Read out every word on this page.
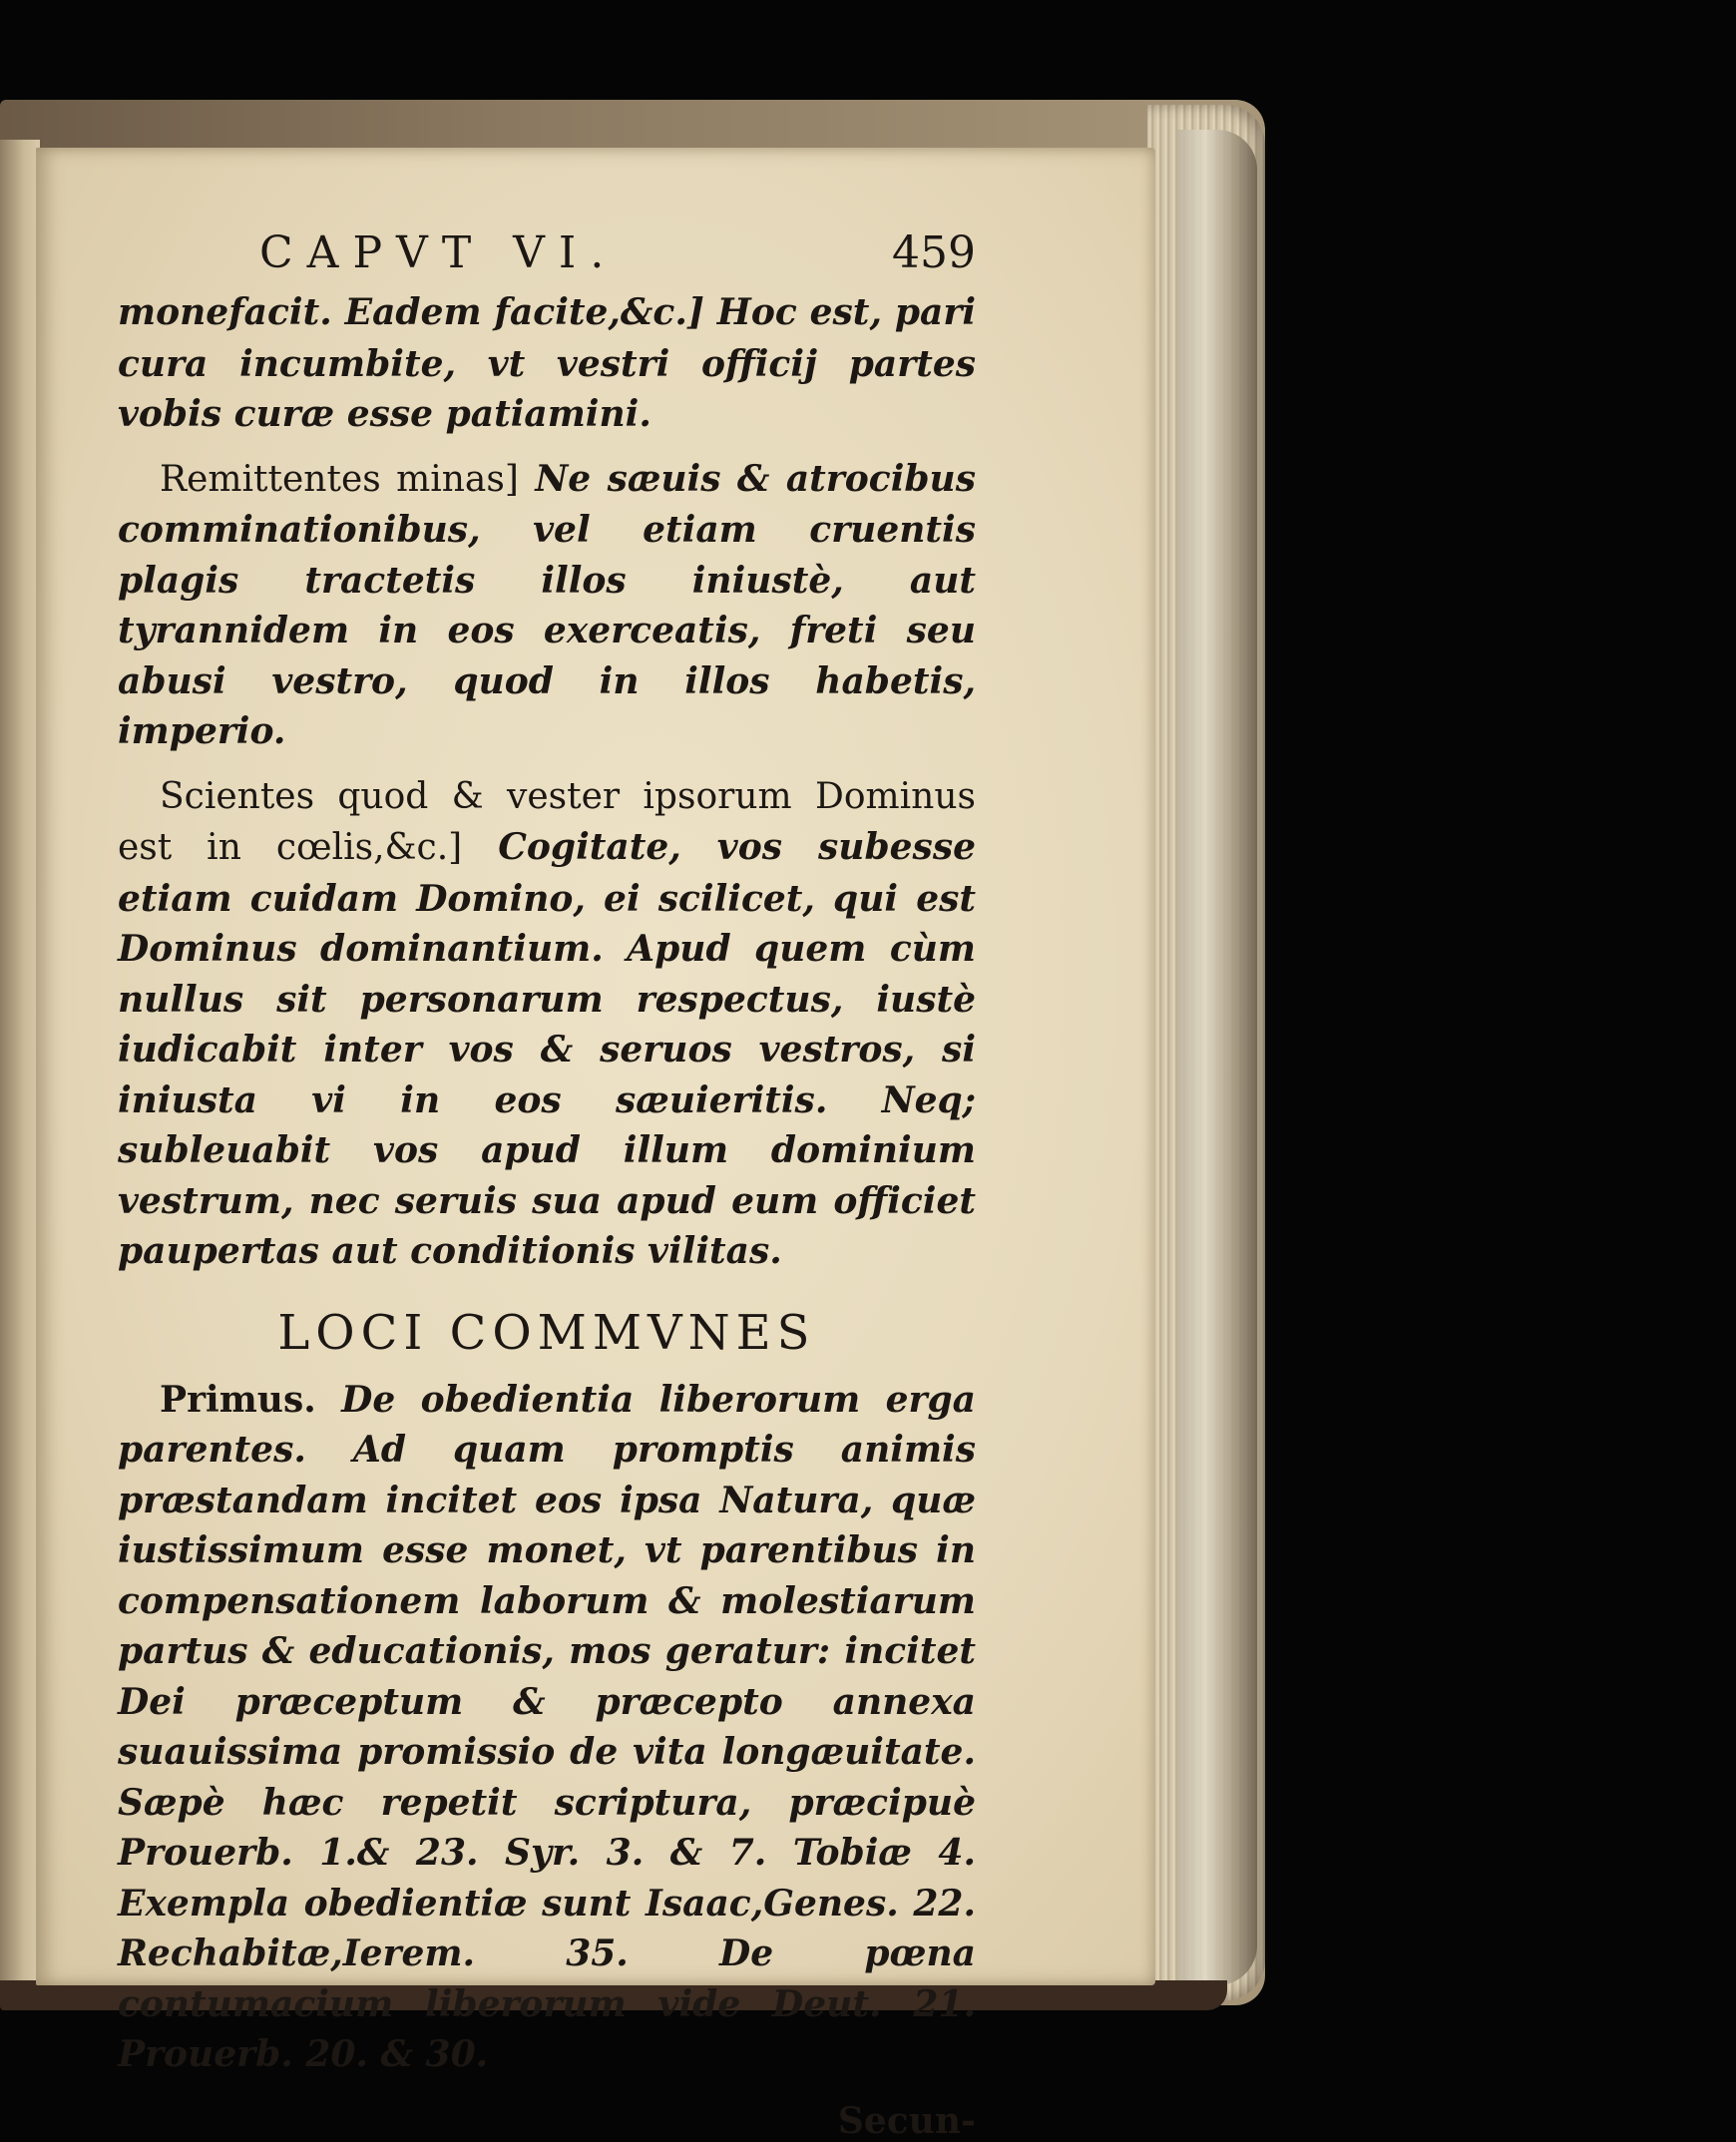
CAPVT VI.	459

monefacit. Eadem facite,&c.] Hoc est, pari cura incumbite, vt vestri officij partes vobis curæ esse patiamini.

Remittentes minas] Ne sæuis & atrocibus comminationibus, vel etiam cruentis plagis tractetis illos iniustè, aut tyrannidem in eos exerceatis, freti seu abusi vestro, quod in illos habetis, imperio.

Scientes quod & vester ipsorum Dominus est in cœlis,&c.] Cogitate, vos subesse etiam cuidam Domino, ei scilicet, qui est Dominus dominantium. Apud quem cùm nullus sit personarum respectus, iustè iudicabit inter vos & seruos vestros, si iniusta vi in eos sæuieritis. Neq; subleuabit vos apud illum dominium vestrum, nec seruis sua apud eum officiet paupertas aut conditionis vilitas.

LOCI COMMVNES

Primus. De obedientia liberorum erga parentes. Ad quam promptis animis præstandam incitet eos ipsa Natura, quæ iustissimum esse monet, vt parentibus in compensationem laborum & molestiarum partus & educationis, mos geratur: incitet Dei præceptum & præcepto annexa suauissima promissio de vita longæuitate. Sæpè hæc repetit scriptura, præcipuè Prouerb. 1.& 23. Syr. 3. & 7. Tobiæ 4. Exempla obedientiæ sunt Isaac,Genes. 22. Rechabitæ,Ierem. 35. De pœna contumacium liberorum vide Deut. 21. Prouerb. 20. & 30.

Secun-
